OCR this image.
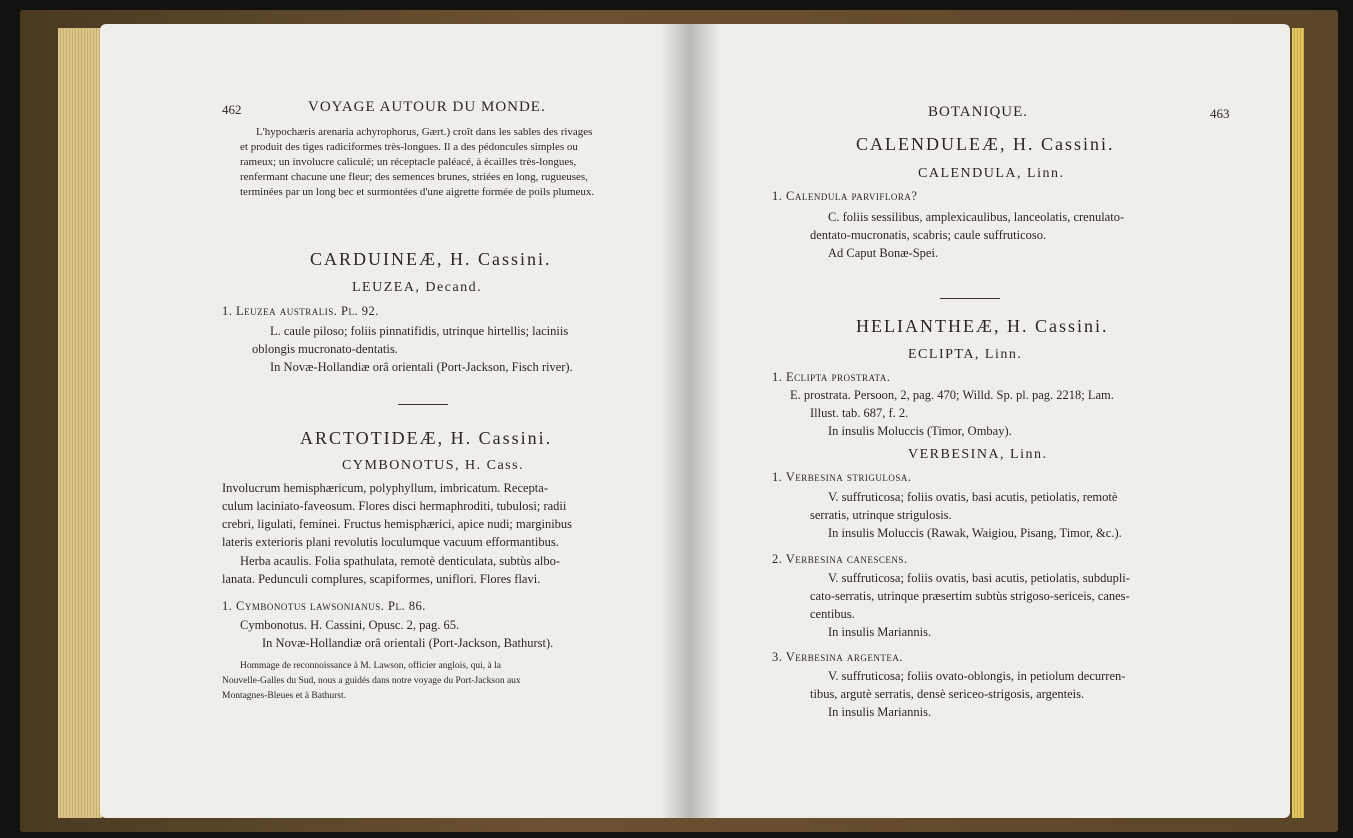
462	VOYAGE AUTOUR DU MONDE.
L'hypochæris arenaria achyrophorus, Gært.) croît dans les sables des rivages
et produit des tiges radiciformes très-longues. Il a des pédoncules simples ou
rameux; un involucre caliculé; un réceptacle paléacé, à écailles très-longues,
renfermant chacune une fleur; des semences brunes, striées en long, rugueuses,
terminées par un long bec et surmontées d'une aigrette formée de poils plumeux.
CARDUINEÆ, H. Cassini.
LEUZEA, Decand.
1. Leuzea australis. Pl. 92.
L. caule piloso; foliis pinnatifidis, utrinque hirtellis; laciniis
oblongis mucronato-dentatis.
In Novæ-Hollandiæ orâ orientali (Port-Jackson, Fisch river).
ARCTOTIDEÆ, H. Cassini.
CYMBONOTUS, H. Cass.
Involucrum hemisphæricum, polyphyllum, imbricatum. Recepta-
culum laciniato-faveosum. Flores disci hermaphroditi, tubulosi; radii
crebri, ligulati, feminei. Fructus hemisphærici, apice nudi; marginibus
lateris exterioris plani revolutis loculumque vacuum efformantibus.
Herba acaulis. Folia spathulata, remotè denticulata, subtùs albo-
lanata. Pedunculi complures, scapiformes, uniflori. Flores flavi.
1. Cymbonotus lawsonianus. Pl. 86.
Cymbonotus. H. Cassini, Opusc. 2, pag. 65.
In Novæ-Hollandiæ orâ orientali (Port-Jackson, Bathurst).
Hommage de reconnoissance à M. Lawson, officier anglois, qui, à la
Nouvelle-Galles du Sud, nous a guidés dans notre voyage du Port-Jackson aux
Montagnes-Bleues et à Bathurst.
BOTANIQUE.	463
CALENDULEÆ, H. Cassini.
CALENDULA, Linn.
1. Calendula parviflora?
C. foliis sessilibus, amplexicaulibus, lanceolatis, crenulato-
dentato-mucronatis, scabris; caule suffruticoso.
Ad Caput Bonæ-Spei.
HELIANTHEÆ, H. Cassini.
ECLIPTA, Linn.
1. Eclipta prostrata.
E. prostrata. Persoon, 2, pag. 470; Willd. Sp. pl. pag. 2218; Lam.
Illust. tab. 687, f. 2.
In insulis Moluccis (Timor, Ombay).
VERBESINA, Linn.
1. Verbesina strigulosa.
V. suffruticosa; foliis ovatis, basi acutis, petiolatis, remotè
serratis, utrinque strigulosis.
In insulis Moluccis (Rawak, Waigiou, Pisang, Timor, &c.).
2. Verbesina canescens.
V. suffruticosa; foliis ovatis, basi acutis, petiolatis, subdupli-
cato-serratis, utrinque præsertim subtùs strigoso-sericeis, canes-
centibus.
In insulis Mariannis.
3. Verbesina argentea.
V. suffruticosa; foliis ovato-oblongis, in petiolum decurren-
tibus, argutè serratis, densè sericeo-strigosis, argenteis.
In insulis Mariannis.
